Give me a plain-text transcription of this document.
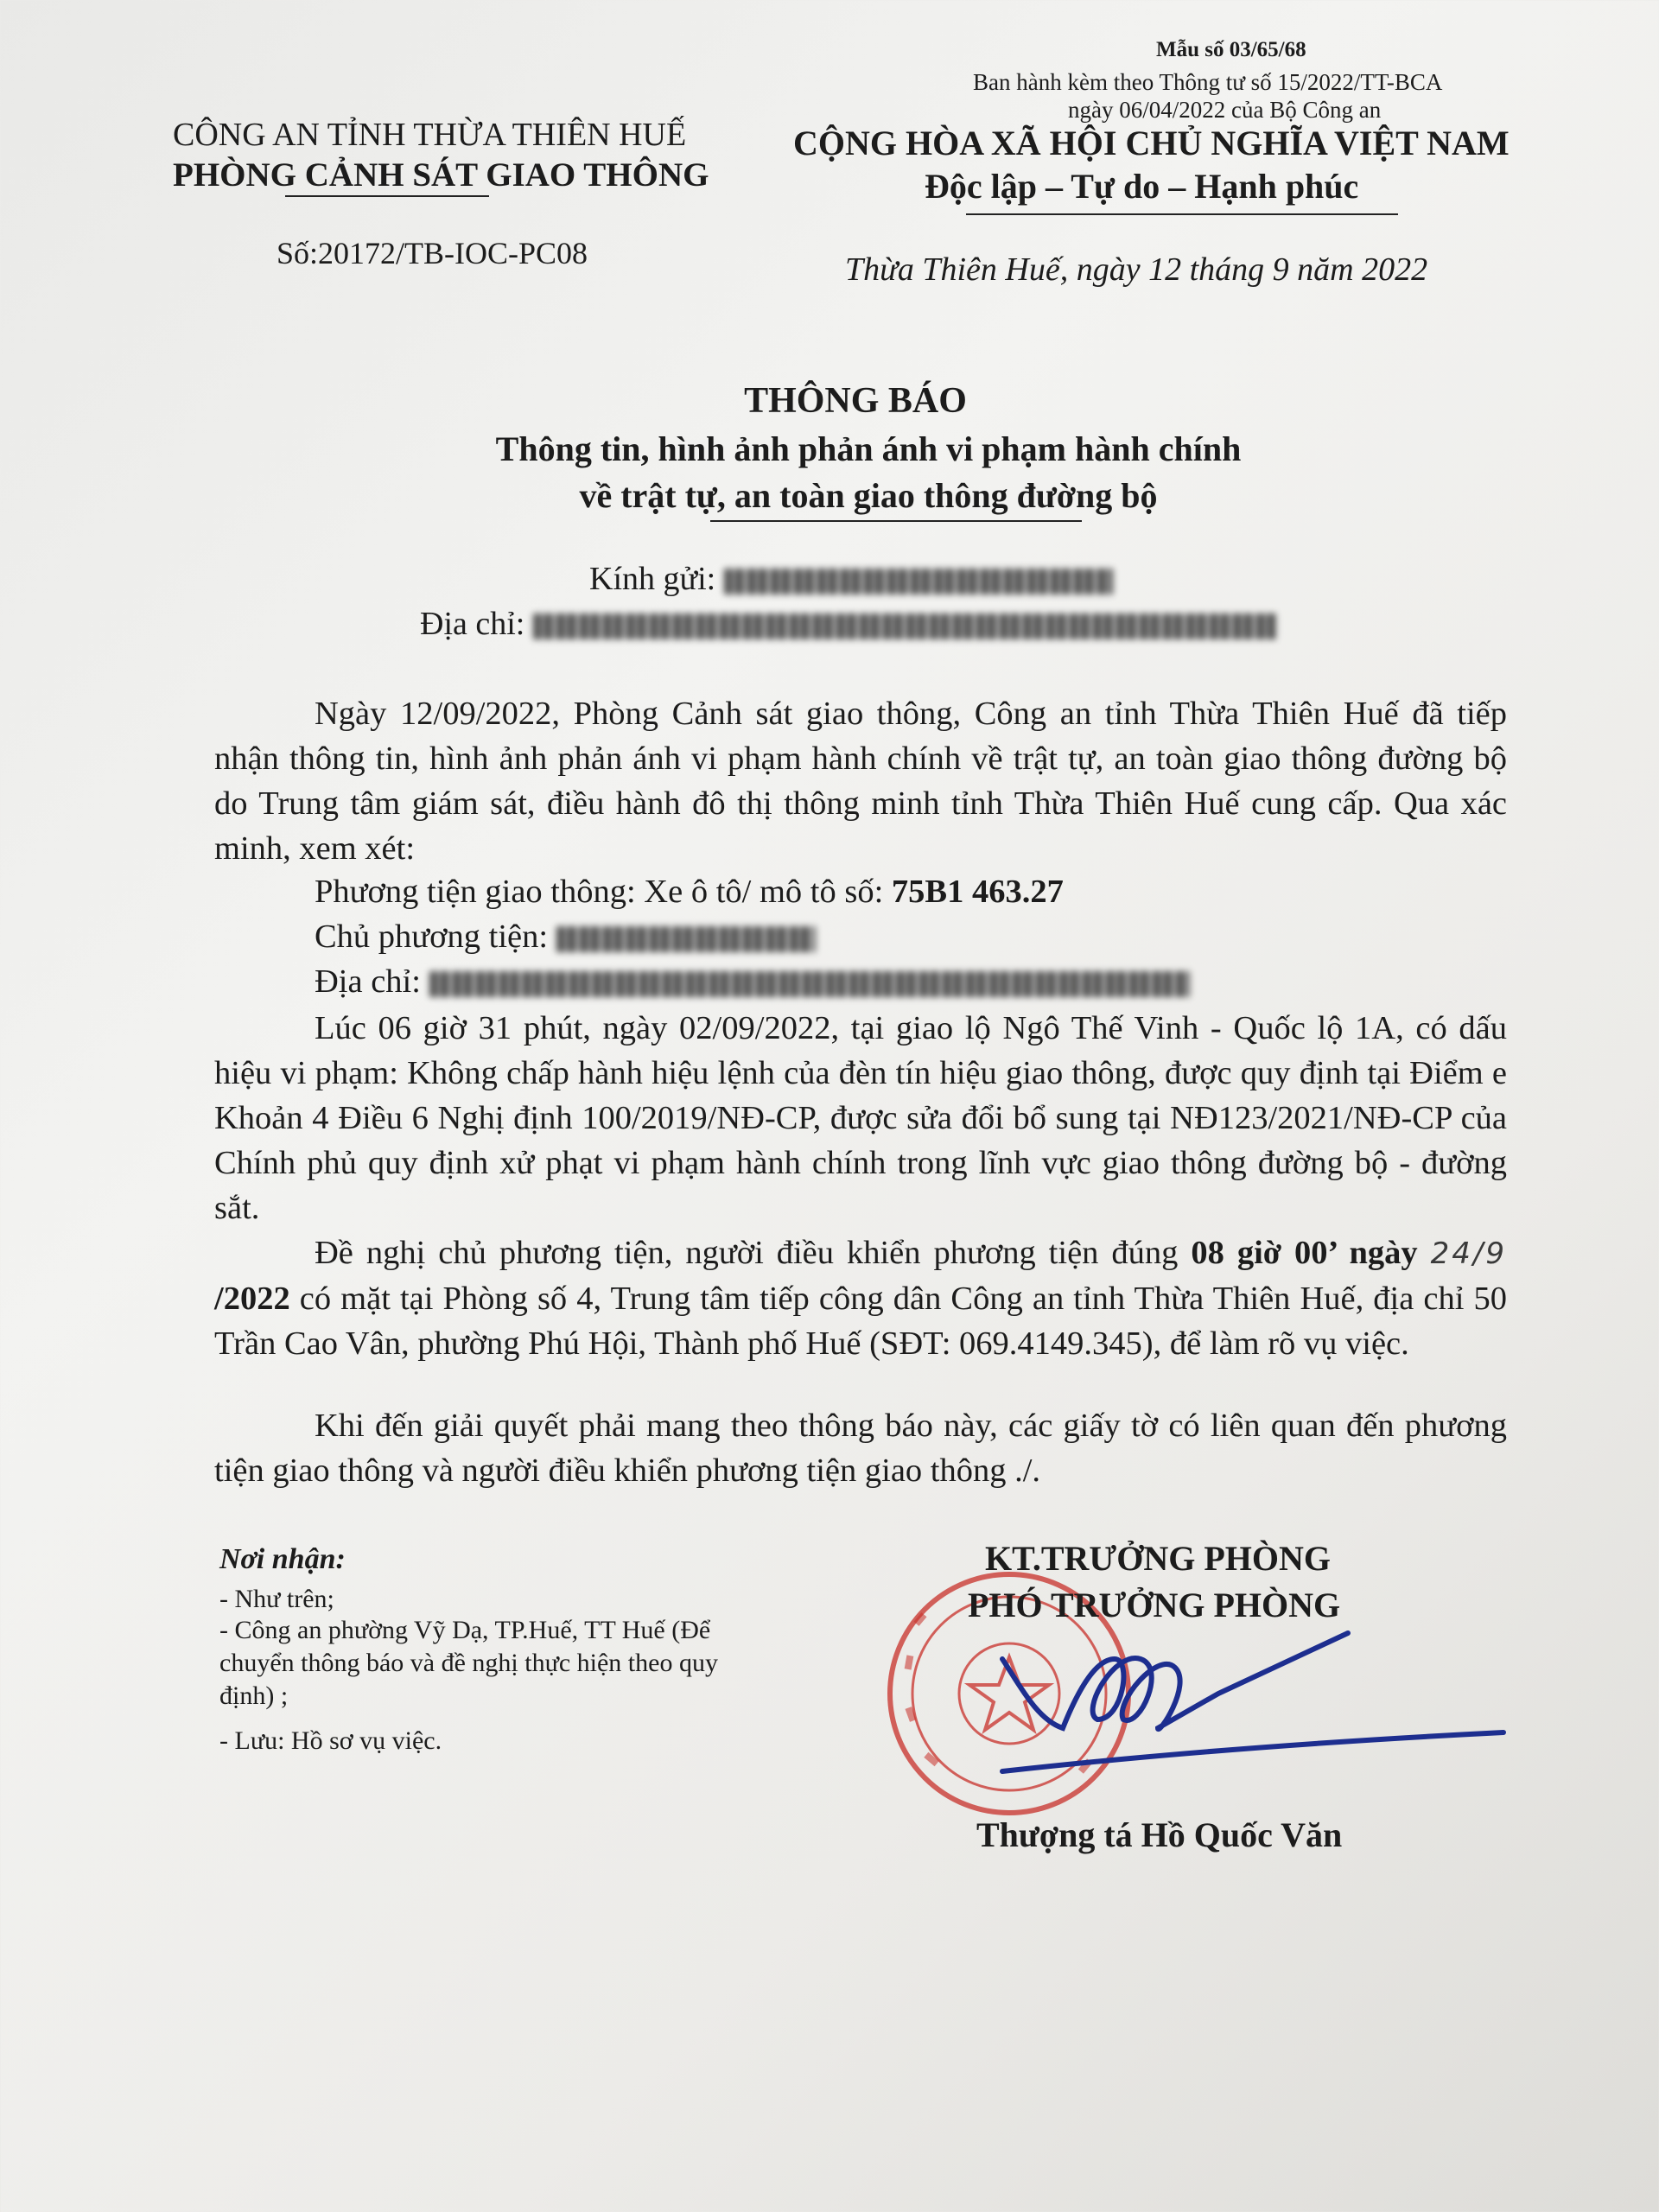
Mẫu số 03/65/68
Ban hành kèm theo Thông tư số 15/2022/TT-BCA
ngày 06/04/2022 của Bộ Công an
CÔNG AN TỈNH THỪA THIÊN HUẾ
PHÒNG CẢNH SÁT GIAO THÔNG
CỘNG HÒA XÃ HỘI CHỦ NGHĨA VIỆT NAM
Độc lập – Tự do – Hạnh phúc
Số:20172/TB-IOC-PC08	Thừa Thiên Huế, ngày 12 tháng 9 năm 2022
THÔNG BÁO
Thông tin, hình ảnh phản ánh vi phạm hành chính
về trật tự, an toàn giao thông đường bộ
Kính gửi:
Địa chỉ:
Ngày 12/09/2022, Phòng Cảnh sát giao thông, Công an tỉnh Thừa Thiên Huế đã tiếp nhận thông tin, hình ảnh phản ánh vi phạm hành chính về trật tự, an toàn giao thông đường bộ do Trung tâm giám sát, điều hành đô thị thông minh tỉnh Thừa Thiên Huế cung cấp. Qua xác minh, xem xét:
Phương tiện giao thông: Xe ô tô/ mô tô số: 75B1 463.27
Chủ phương tiện:
Địa chỉ:
Lúc 06 giờ 31 phút, ngày 02/09/2022, tại giao lộ Ngô Thế Vinh - Quốc lộ 1A, có dấu hiệu vi phạm: Không chấp hành hiệu lệnh của đèn tín hiệu giao thông, được quy định tại Điểm e Khoản 4 Điều 6 Nghị định 100/2019/NĐ-CP, được sửa đổi bổ sung tại NĐ123/2021/NĐ-CP của Chính phủ quy định xử phạt vi phạm hành chính trong lĩnh vực giao thông đường bộ - đường sắt.
Đề nghị chủ phương tiện, người điều khiển phương tiện đúng 08 giờ 00’ ngày 24/9 /2022 có mặt tại Phòng số 4, Trung tâm tiếp công dân Công an tỉnh Thừa Thiên Huế, địa chỉ 50 Trần Cao Vân, phường Phú Hội, Thành phố Huế (SĐT: 069.4149.345), để làm rõ vụ việc.
Khi đến giải quyết phải mang theo thông báo này, các giấy tờ có liên quan đến phương tiện giao thông và người điều khiển phương tiện giao thông ./.
Nơi nhận:
- Như trên;
- Công an phường Vỹ Dạ, TP.Huế, TT Huế (Để
chuyển thông báo và đề nghị thực hiện theo quy
định) ;
- Lưu: Hồ sơ vụ việc.
KT.TRƯỞNG PHÒNG
PHÓ TRƯỞNG PHÒNG
Thượng tá Hồ Quốc Văn
